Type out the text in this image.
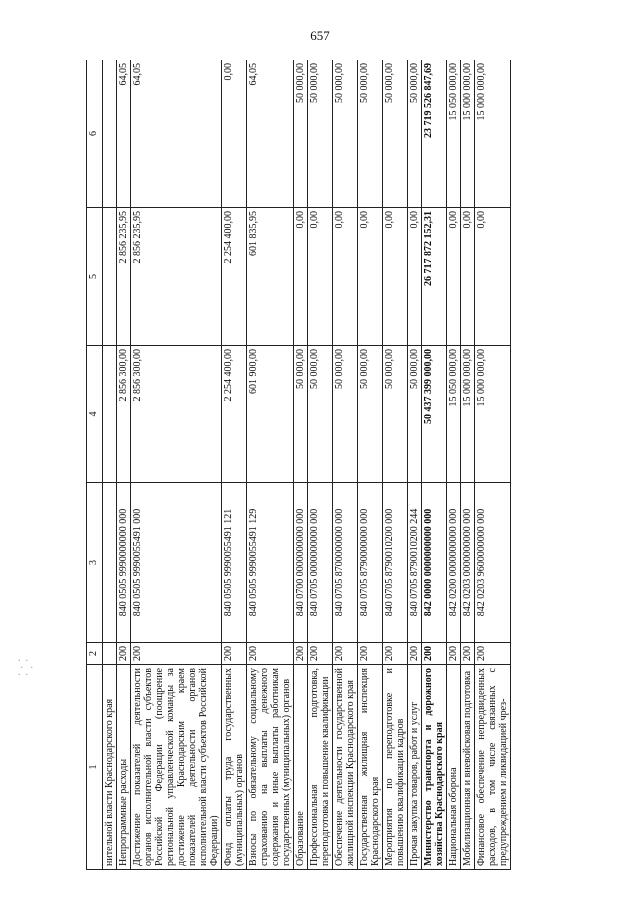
657
.  .
.   .
.  .
1	2	3	4	5	6
нительной власти Краснодарского края					
Непрограммные расходы	200	840 0505 9990000000 000	2 856 300,00	2 856 235,95	64,05
Достижение показателей деятельности органов исполнительной власти субъектов Российской Федерации (поощрение региональной управленческой команды за достижение Краснодарским краем показателей деятельности органов исполнительной власти субъектов Российской Федерации)	200	840 0505 9990055491 000	2 856 300,00	2 856 235,95	64,05
Фонд оплаты труда государственных (муниципальных) органов	200	840 0505 9990055491 121	2 254 400,00	2 254 400,00	0,00
Взносы по обязательному социальному страхованию на выплаты денежного содержания и иные выплаты работникам государственных (муниципальных) органов	200	840 0505 9990055491 129	601 900,00	601 835,95	64,05
Образование	200	840 0700 0000000000 000	50 000,00	0,00	50 000,00
Профессиональная подготовка, переподготовка и повышение квалификации	200	840 0705 0000000000 000	50 000,00	0,00	50 000,00
Обеспечение деятельности государственной жилищной инспекции Краснодарского края	200	840 0705 8700000000 000	50 000,00	0,00	50 000,00
Государственная жилищная инспекция Краснодарского края	200	840 0705 8790000000 000	50 000,00	0,00	50 000,00
Мероприятия по переподготовке и повышению квалификации кадров	200	840 0705 8790010200 000	50 000,00	0,00	50 000,00
Прочая закупка товаров, работ и услуг	200	840 0705 8790010200 244	50 000,00	0,00	50 000,00
Министерство транспорта и дорожного хозяйства Краснодарского края	200	842 0000 0000000000 000	50 437 399 000,00	26 717 872 152,31	23 719 526 847,69
Национальная оборона	200	842 0200 0000000000 000	15 050 000,00	0,00	15 050 000,00
Мобилизационная и вневойсковая подготовка	200	842 0203 0000000000 000	15 000 000,00	0,00	15 000 000,00
Финансовое обеспечение непредвиденных расходов, в том числе связанных с предупреждением и ликвидацией чрез-	200	842 0203 9600000000 000	15 000 000,00	0,00	15 000 000,00
